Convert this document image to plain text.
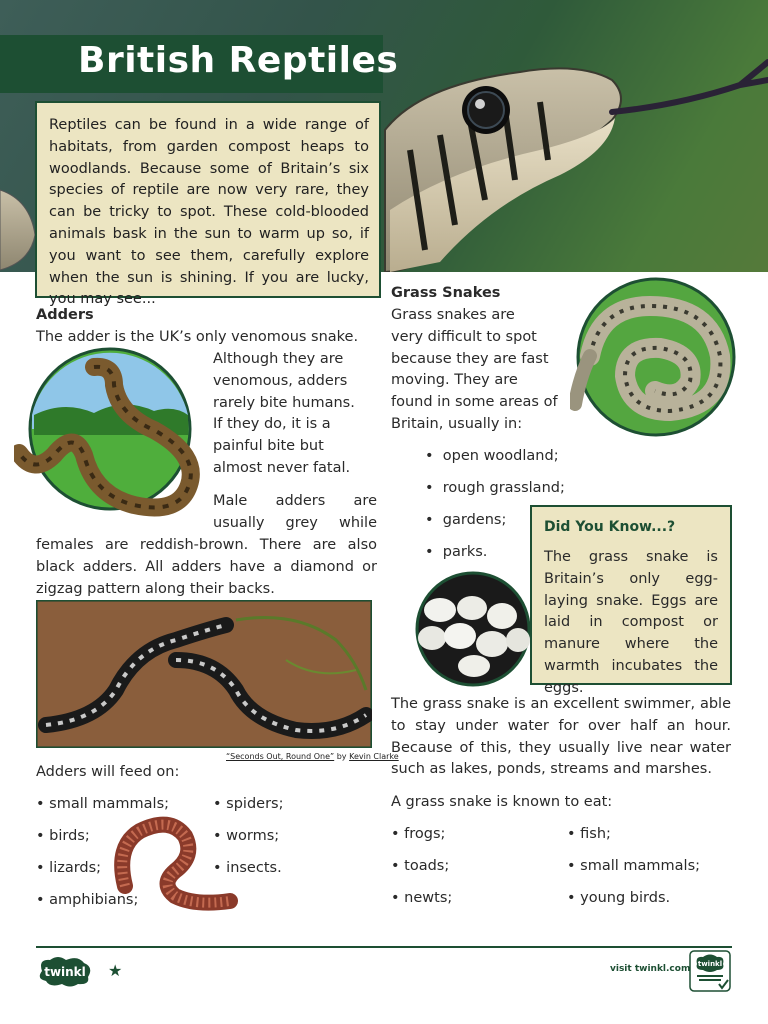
British Reptiles
Reptiles can be found in a wide range of habitats, from garden compost heaps to woodlands. Because some of Britain’s six species of reptile are now very rare, they can be tricky to spot. These cold-blooded animals bask in the sun to warm up so, if you want to see them, carefully explore when the sun is shining. If you are lucky, you may see...
Adders
The adder is the UK’s only venomous snake.
Although they are
venomous, adders
rarely bite humans.
If they do, it is a
painful bite but
almost never fatal.
Male adders are
usually grey while
females are reddish-brown. There are also black adders. All adders have a diamond or zigzag pattern along their backs.
“Seconds Out, Round One” by Kevin Clarke
Adders will feed on:
• small mammals;
• birds;
• lizards;
• amphibians;
• spiders;
• worms;
• insects.
Grass Snakes
Grass snakes are
very difficult to spot
because they are fast
moving. They are
found in some areas of
Britain, usually in:
•  open woodland;
•  rough grassland;
•  gardens;
•  parks.
Did You Know...?
The grass snake is Britain’s only egg-laying snake. Eggs are laid in compost or manure where the warmth incubates the eggs.
The grass snake is an excellent swimmer, able to stay under water for over half an hour. Because of this, they usually live near water such as lakes, ponds, streams and marshes.
A grass snake is known to eat:
• frogs;
• toads;
• newts;
• fish;
• small mammals;
• young birds.
twinkl ★	visit twinkl.com twinkl
